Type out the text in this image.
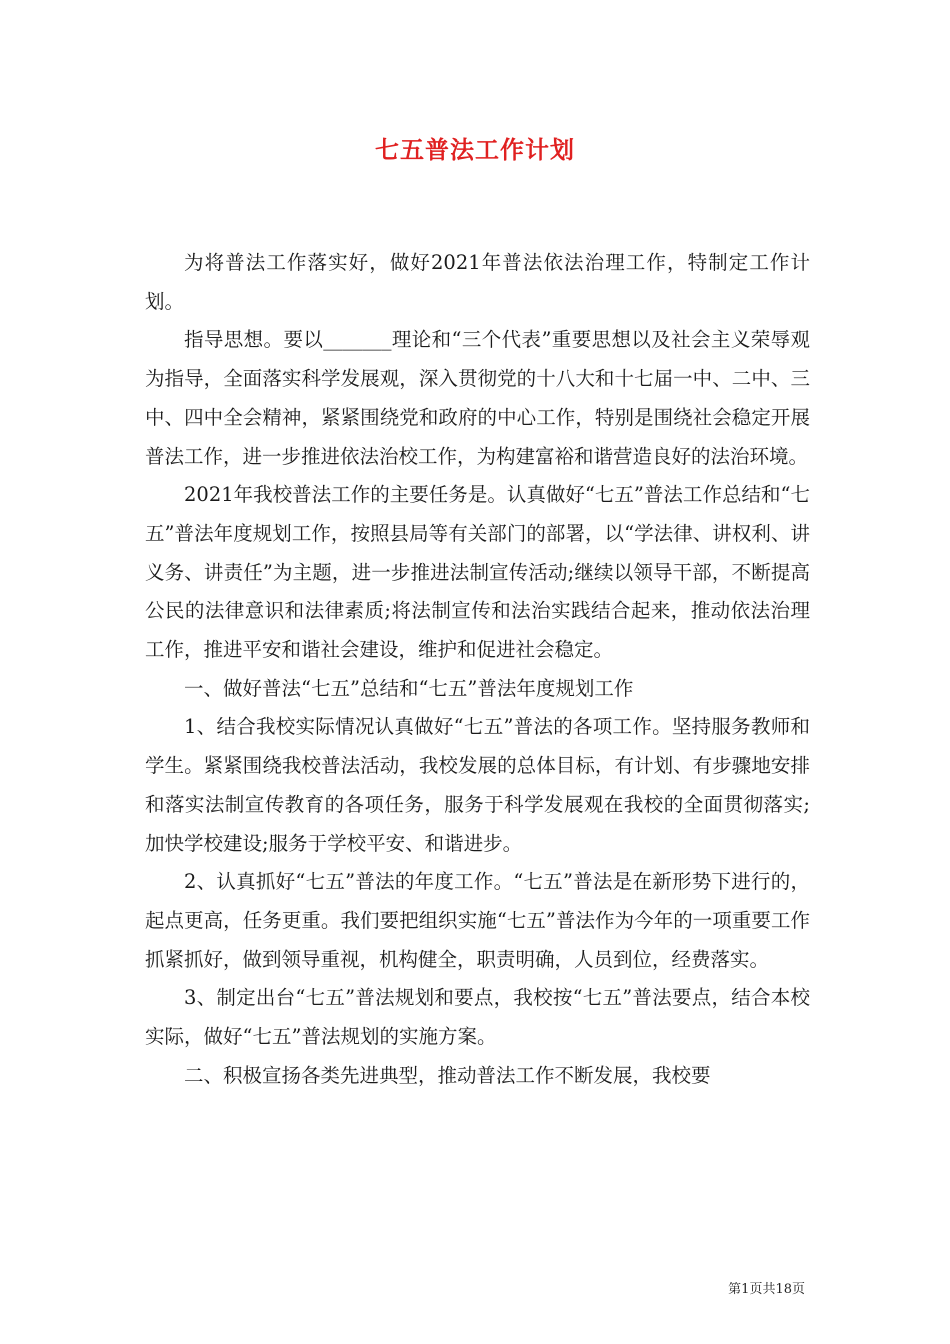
七五普法工作计划

为将普法工作落实好，做好2021年普法依法治理工作，特制定工作计划。

指导思想。要以_______理论和“三个代表”重要思想以及社会主义荣辱观为指导，全面落实科学发展观，深入贯彻党的十八大和十七届一中、二中、三中、四中全会精神，紧紧围绕党和政府的中心工作，特别是围绕社会稳定开展普法工作，进一步推进依法治校工作，为构建富裕和谐营造良好的法治环境。

2021年我校普法工作的主要任务是。认真做好“七五”普法工作总结和“七五”普法年度规划工作，按照县局等有关部门的部署，以“学法律、讲权利、讲义务、讲责任”为主题，进一步推进法制宣传活动;继续以领导干部，不断提高公民的法律意识和法律素质;将法制宣传和法治实践结合起来，推动依法治理工作，推进平安和谐社会建设，维护和促进社会稳定。

一、做好普法“七五”总结和“七五”普法年度规划工作

1、结合我校实际情况认真做好“七五”普法的各项工作。坚持服务教师和学生。紧紧围绕我校普法活动，我校发展的总体目标，有计划、有步骤地安排和落实法制宣传教育的各项任务，服务于科学发展观在我校的全面贯彻落实;加快学校建设;服务于学校平安、和谐进步。

2、认真抓好“七五”普法的年度工作。“七五”普法是在新形势下进行的，起点更高，任务更重。我们要把组织实施“七五”普法作为今年的一项重要工作抓紧抓好，做到领导重视，机构健全，职责明确，人员到位，经费落实。

3、制定出台“七五”普法规划和要点，我校按“七五”普法要点，结合本校实际，做好“七五”普法规划的实施方案。

二、积极宣扬各类先进典型，推动普法工作不断发展，我校要

第1页共18页
